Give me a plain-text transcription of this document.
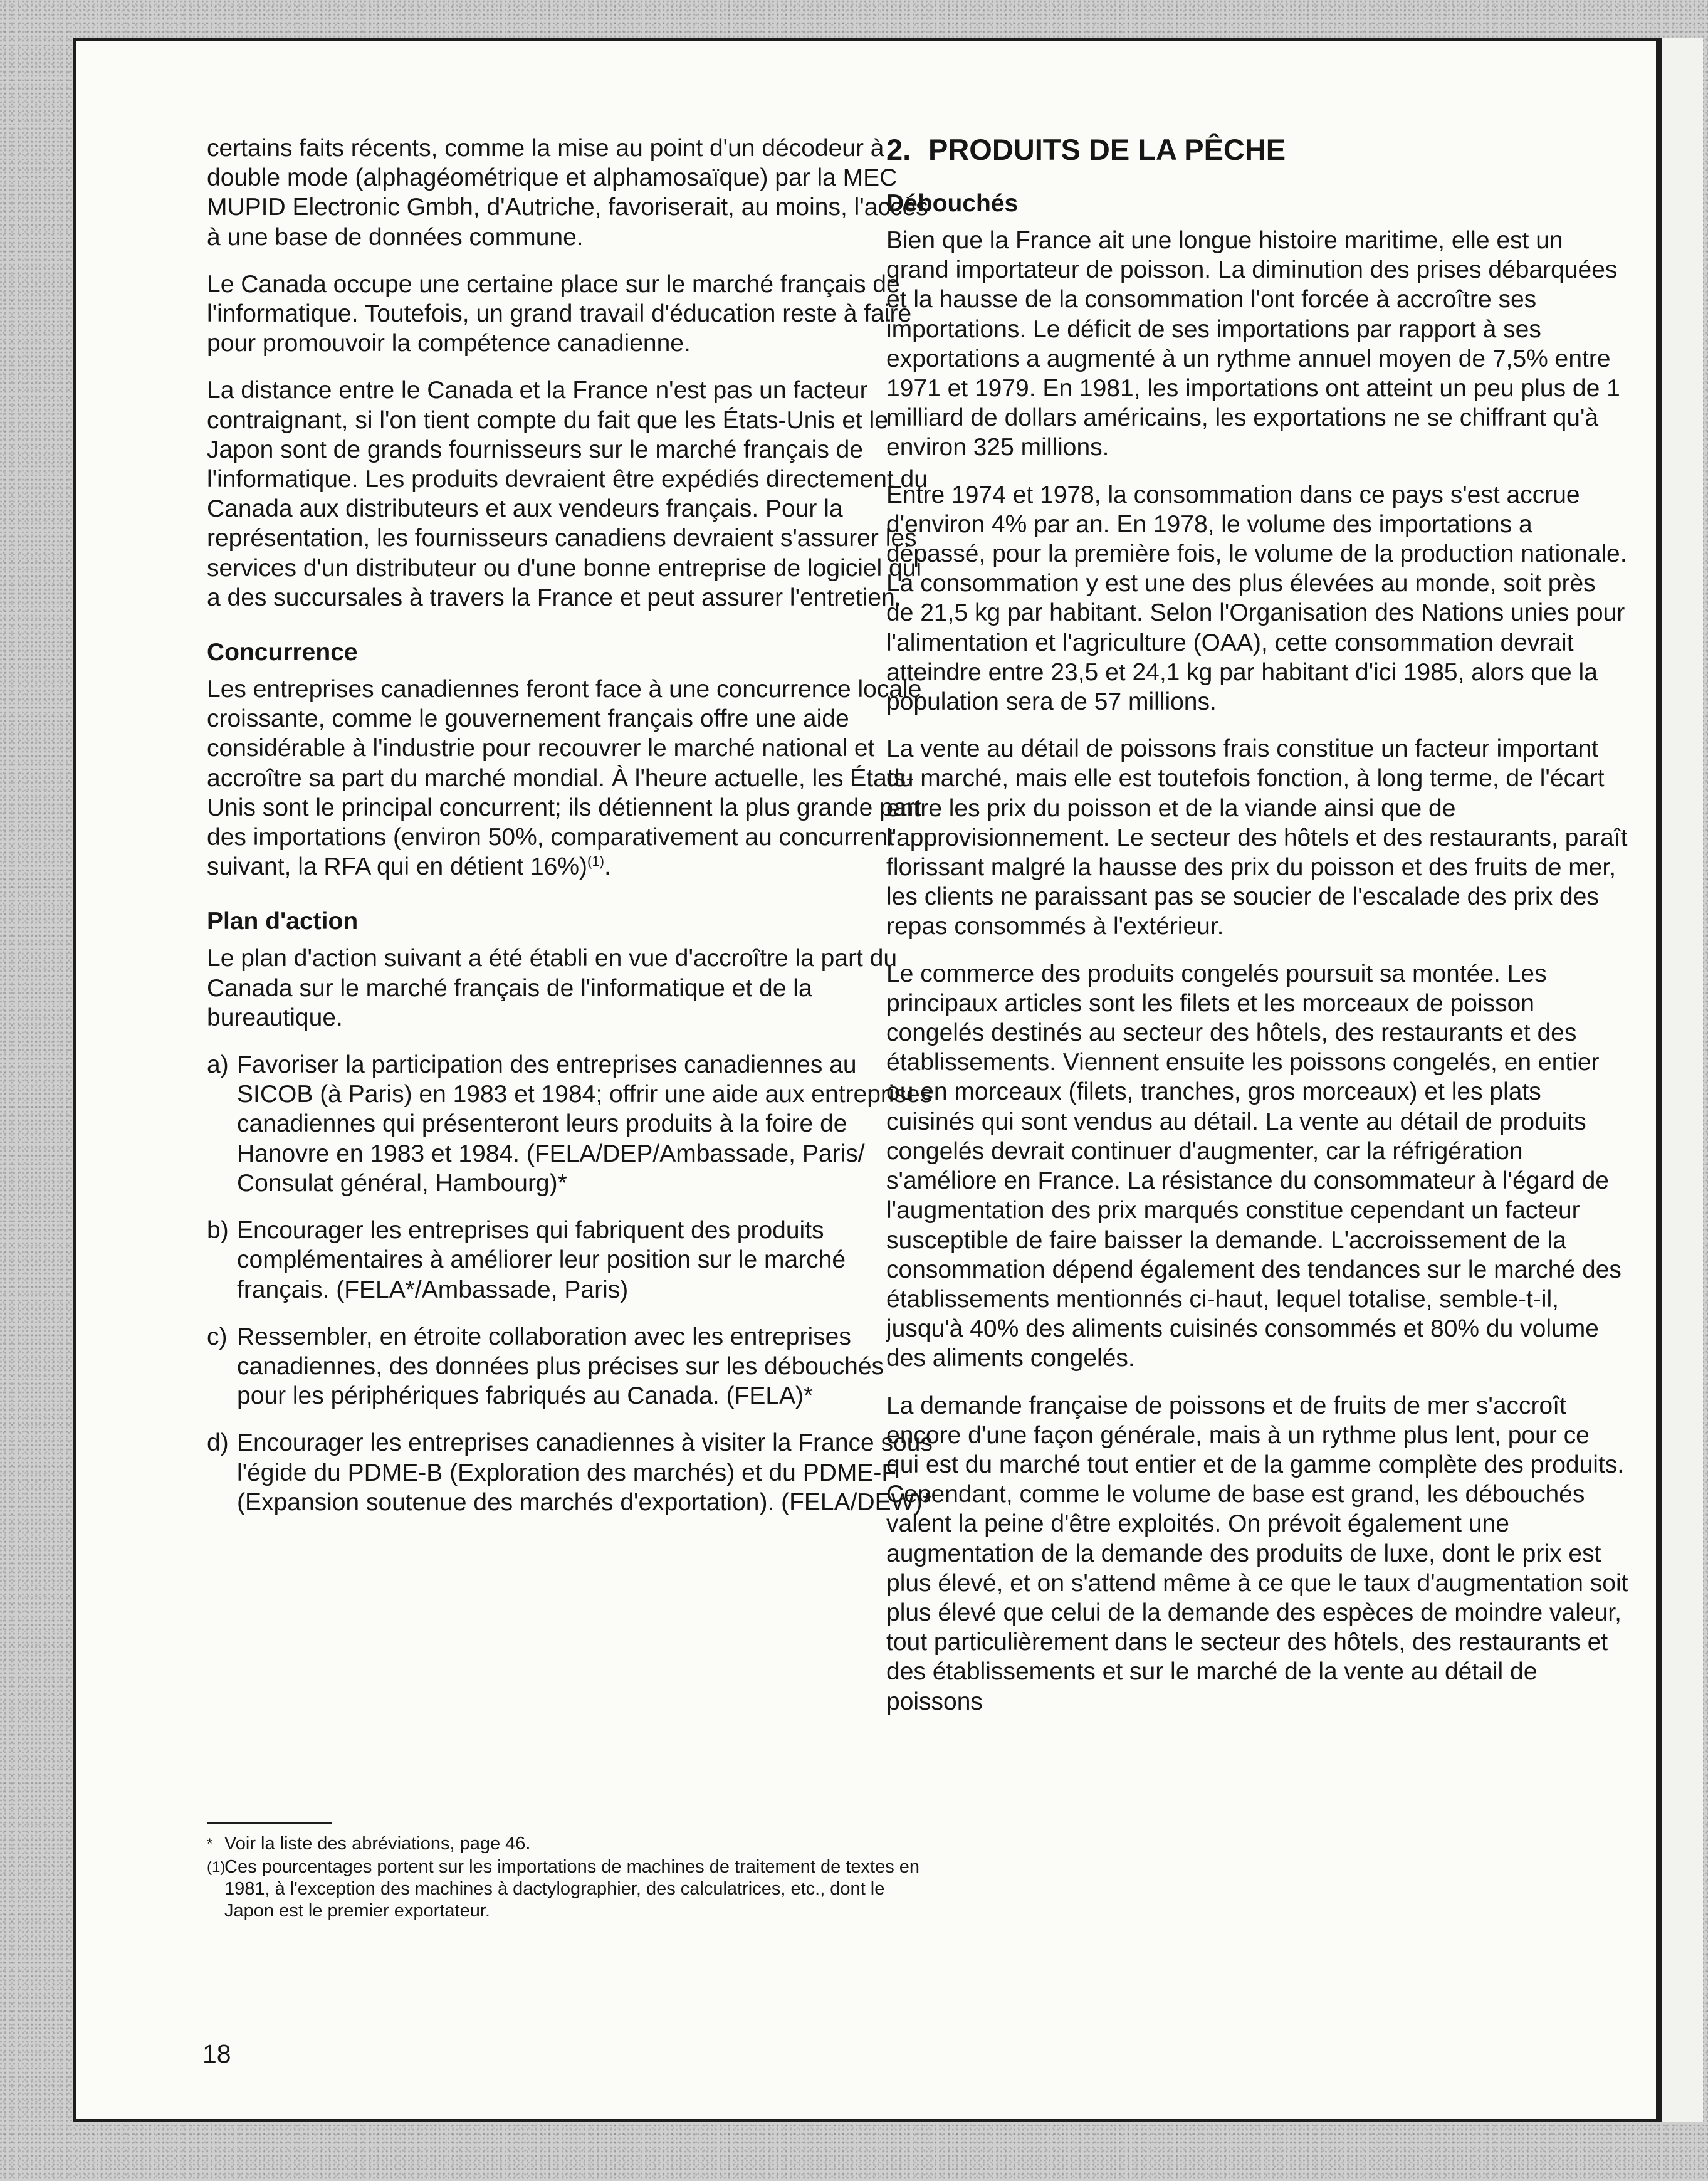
certains faits récents, comme la mise au point d'un décodeur à double mode (alphagéométrique et alphamosaïque) par la MEC MUPID Electronic Gmbh, d'Autriche, favoriserait, au moins, l'accès à une base de données commune.

Le Canada occupe une certaine place sur le marché français de l'informatique. Toutefois, un grand travail d'éducation reste à faire pour promouvoir la compétence canadienne.

La distance entre le Canada et la France n'est pas un facteur contraignant, si l'on tient compte du fait que les États-Unis et le Japon sont de grands fournisseurs sur le marché français de l'informatique. Les produits devraient être expédiés directement du Canada aux distributeurs et aux vendeurs français. Pour la représentation, les fournisseurs canadiens devraient s'assurer les services d'un distributeur ou d'une bonne entreprise de logiciel qui a des succursales à travers la France et peut assurer l'entretien.

Concurrence

Les entreprises canadiennes feront face à une concurrence locale croissante, comme le gouvernement français offre une aide considérable à l'industrie pour recouvrer le marché national et accroître sa part du marché mondial. À l'heure actuelle, les États-Unis sont le principal concurrent; ils détiennent la plus grande part des importations (environ 50%, comparativement au concurrent suivant, la RFA qui en détient 16%)$^{(1)}$.

Plan d'action

Le plan d'action suivant a été établi en vue d'accroître la part du Canada sur le marché français de l'informatique et de la bureautique.

a) Favoriser la participation des entreprises canadiennes au SICOB (à Paris) en 1983 et 1984; offrir une aide aux entreprises canadiennes qui présenteront leurs produits à la foire de Hanovre en 1983 et 1984. (FELA/DEP/Ambassade, Paris/ Consulat général, Hambourg)*
b) Encourager les entreprises qui fabriquent des produits complémentaires à améliorer leur position sur le marché français. (FELA*/Ambassade, Paris)
c) Ressembler, en étroite collaboration avec les entreprises canadiennes, des données plus précises sur les débouchés pour les périphériques fabriqués au Canada. (FELA)*
d) Encourager les entreprises canadiennes à visiter la France sous l'égide du PDME-B (Exploration des marchés) et du PDME-F (Expansion soutenue des marchés d'exportation). (FELA/DEW)*

* Voir la liste des abréviations, page 46.

(1)
Ces pourcentages portent sur les importations de machines de traitement de textes en 1981, à l'exception des machines à dactylographier, des calculatrices, etc., dont le Japon est le premier exportateur.

2. PRODUITS DE LA PÊCHE
Débouchés

Bien que la France ait une longue histoire maritime, elle est un grand importateur de poisson. La diminution des prises débarquées et la hausse de la consommation l'ont forcée à accroître ses importations. Le déficit de ses importations par rapport à ses exportations a augmenté à un rythme annuel moyen de 7,5% entre 1971 et 1979. En 1981, les importations ont atteint un peu plus de 1 milliard de dollars américains, les exportations ne se chiffrant qu'à environ 325 millions.

Entre 1974 et 1978, la consommation dans ce pays s'est accrue d'environ 4% par an. En 1978, le volume des importations a dépassé, pour la première fois, le volume de la production nationale. La consommation y est une des plus élevées au monde, soit près de 21,5 kg par habitant. Selon l'Organisation des Nations unies pour l'alimentation et l'agriculture (OAA), cette consommation devrait atteindre entre 23,5 et 24,1 kg par habitant d'ici 1985, alors que la population sera de 57 millions.

La vente au détail de poissons frais constitue un facteur important du marché, mais elle est toutefois fonction, à long terme, de l'écart entre les prix du poisson et de la viande ainsi que de l'approvisionnement. Le secteur des hôtels et des restaurants, paraît florissant malgré la hausse des prix du poisson et des fruits de mer, les clients ne paraissant pas se soucier de l'escalade des prix des repas consommés à l'extérieur.

Le commerce des produits congelés poursuit sa montée. Les principaux articles sont les filets et les morceaux de poisson congelés destinés au secteur des hôtels, des restaurants et des établissements. Viennent ensuite les poissons congelés, en entier ou en morceaux (filets, tranches, gros morceaux) et les plats cuisinés qui sont vendus au détail. La vente au détail de produits congelés devrait continuer d'augmenter, car la réfrigération s'améliore en France. La résistance du consommateur à l'égard de l'augmentation des prix marqués constitue cependant un facteur susceptible de faire baisser la demande. L'accroissement de la consommation dépend également des tendances sur le marché des établissements mentionnés ci-haut, lequel totalise, semble-t-il, jusqu'à 40% des aliments cuisinés consommés et 80% du volume des aliments congelés.

La demande française de poissons et de fruits de mer s'accroît encore d'une façon générale, mais à un rythme plus lent, pour ce qui est du marché tout entier et de la gamme complète des produits. Cependant, comme le volume de base est grand, les débouchés valent la peine d'être exploités. On prévoit également une augmentation de la demande des produits de luxe, dont le prix est plus élevé, et on s'attend même à ce que le taux d'augmentation soit plus élevé que celui de la demande des espèces de moindre valeur, tout particulièrement dans le secteur des hôtels, des restaurants et des établissements et sur le marché de la vente au détail de poissons

18
